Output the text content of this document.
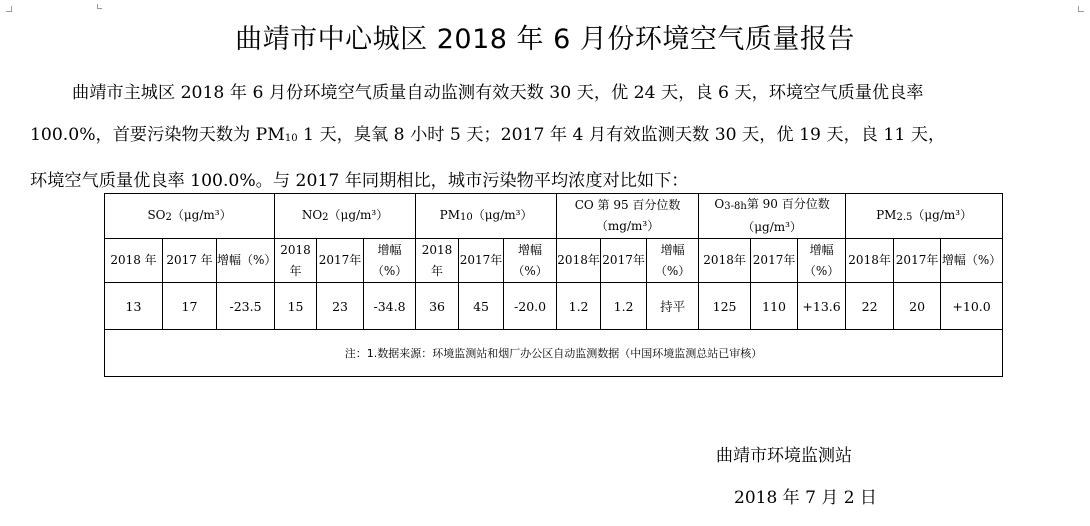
曲靖市中心城区 2018 年 6 月份环境空气质量报告
曲靖市主城区 2018 年 6 月份环境空气质量自动监测有效天数 30 天，优 24 天，良 6 天，环境空气质量优良率
100.0%，首要污染物天数为 $PM_{10}$ 1 天，臭氧 8 小时 5 天；2017 年 4 月有效监测天数 30 天，优 19 天，良 11 天，
环境空气质量优良率 100.0%。与 2017 年同期相比，城市污染物平均浓度对比如下：
$SO_2(\mu g/m^3)$			$NO_2(\mu g/m^3)$			$PM_{10}(\mu g/m^3)$			CO 第 95 百分位数
（mg/m³）			$O_{3-8h}$第 90 百分位数（μg/m³）			$PM_{2.5}(\mu g/m^3)$		
2018 年	2017 年	增幅（%）	2018年	2017年	增幅（%）	2018年	2017年	增幅（%）	2018年	2017年	增幅（%）	2018年	2017年	增幅（%）	2018年	2017年	增幅（%）
13	17	-23.5	15	23	-34.8	36	45	-20.0	1.2	1.2	持平	125	110	+13.6	22	20	+10.0
注：1.数据来源：环境监测站和烟厂办公区自动监测数据（中国环境监测总站已审核）																	
曲靖市环境监测站
2018 年 7 月 2 日
